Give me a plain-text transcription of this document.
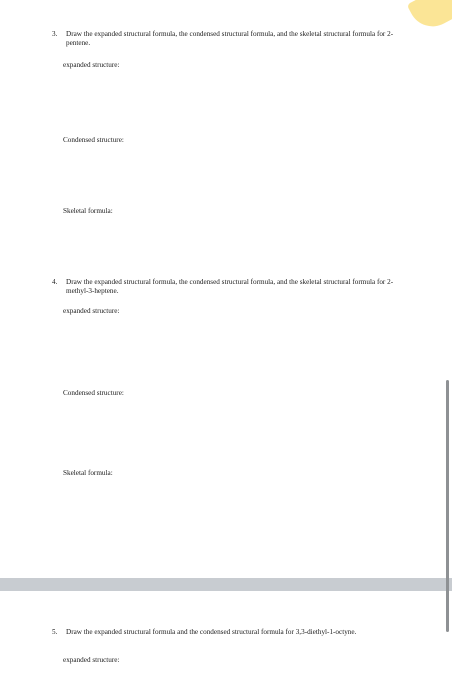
3. Draw the expanded structural formula, the condensed structural formula, and the skeletal structural formula for 2-pentene.
expanded structure:
Condensed structure:
Skeletal formula:
4. Draw the expanded structural formula, the condensed structural formula, and the skeletal structural formula for 2-methyl-3-heptene.
expanded structure:
Condensed structure:
Skeletal formula:
5. Draw the expanded structural formula and the condensed structural formula for 3,3-diethyl-1-octyne.
expanded structure:
